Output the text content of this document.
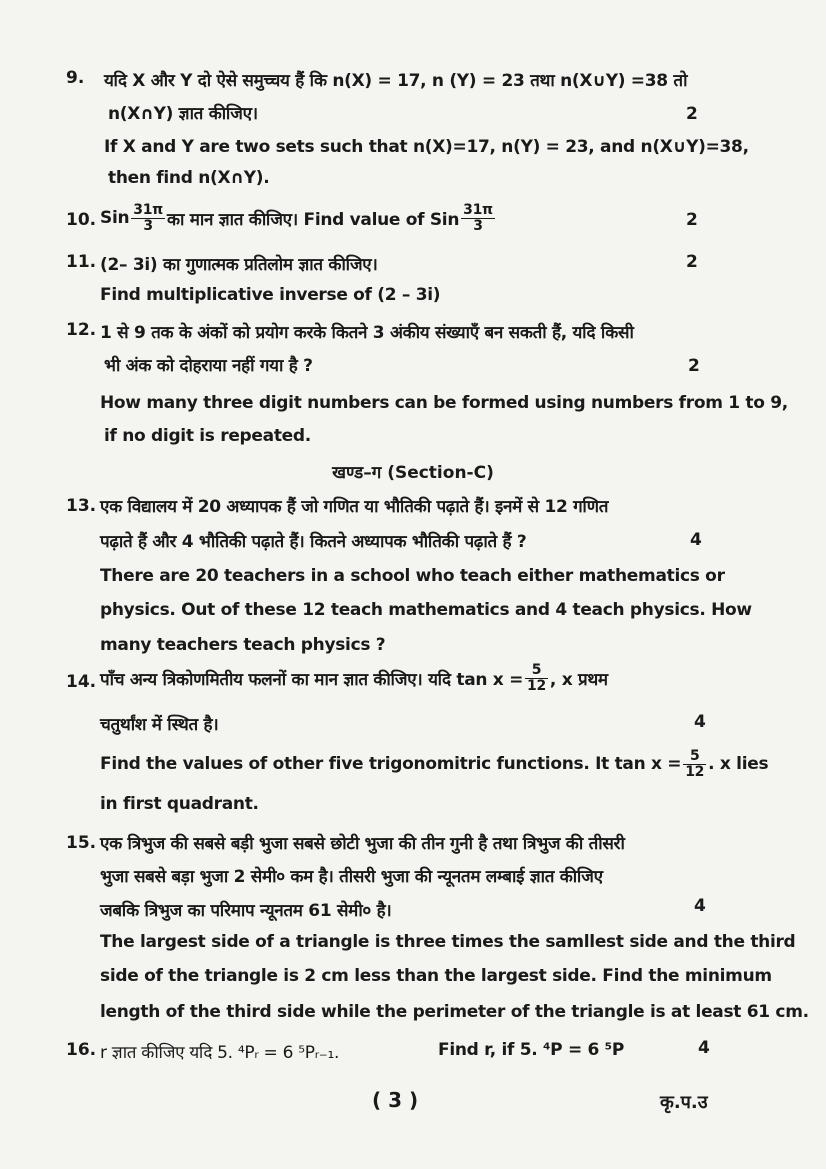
9. यदि X और Y दो ऐसे समुच्चय हैं कि n(X) = 17, n (Y) = 23 तथा n(X∪Y) =38 तो
n(X∩Y) ज्ञात कीजिए।	2
If X and Y are two sets such that n(X)=17, n(Y) = 23, and n(X∪Y)=38,
then find n(X∩Y).
10. Sin $\frac{31\pi}{3}$ का मान ज्ञात कीजिए। Find value of Sin $\frac{31\pi}{3}$	2
11. (2– 3i) का गुणात्मक प्रतिलोम ज्ञात कीजिए।	2
Find multiplicative inverse of (2 – 3i)
12. 1 से 9 तक के अंकों को प्रयोग करके कितने 3 अंकीय संख्याएँ बन सकती हैं, यदि किसी
भी अंक को दोहराया नहीं गया है ?	2
How many three digit numbers can be formed using numbers from 1 to 9,
if no digit is repeated.
खण्ड–ग (Section-C)
13. एक विद्यालय में 20 अध्यापक हैं जो गणित या भौतिकी पढ़ाते हैं। इनमें से 12 गणित
पढ़ाते हैं और 4 भौतिकी पढ़ाते हैं। कितने अध्यापक भौतिकी पढ़ाते हैं ?	4
There are 20 teachers in a school who teach either mathematics or
physics. Out of these 12 teach mathematics and 4 teach physics. How
many teachers teach physics ?
14. पाँच अन्य त्रिकोणमितीय फलनों का मान ज्ञात कीजिए। यदि $\tan x = \frac{5}{12}$ , x प्रथम
चतुर्थांश में स्थित है।	4
Find the values of other five trigonomitric functions. It $\tan x = \frac{5}{12}$ . x lies
in first quadrant.
15. एक त्रिभुज की सबसे बड़ी भुजा सबसे छोटी भुजा की तीन गुनी है तथा त्रिभुज की तीसरी
भुजा सबसे बड़ा भुजा 2 सेमी० कम है। तीसरी भुजा की न्यूनतम लम्बाई ज्ञात कीजिए
जबकि त्रिभुज का परिमाप न्यूनतम 61 सेमी० है।	4
The largest side of a triangle is three times the samllest side and the third
side of the triangle is 2 cm less than the largest side. Find the minimum
length of the third side while the perimeter of the triangle is at least 61 cm.
16. r ज्ञात कीजिए यदि 5. ⁴Pᵣ = 6 ⁵Pᵣ₋₁.	Find r, if 5. ⁴P = 6 ⁵P	4
( 3 )	कृ.प.उ
